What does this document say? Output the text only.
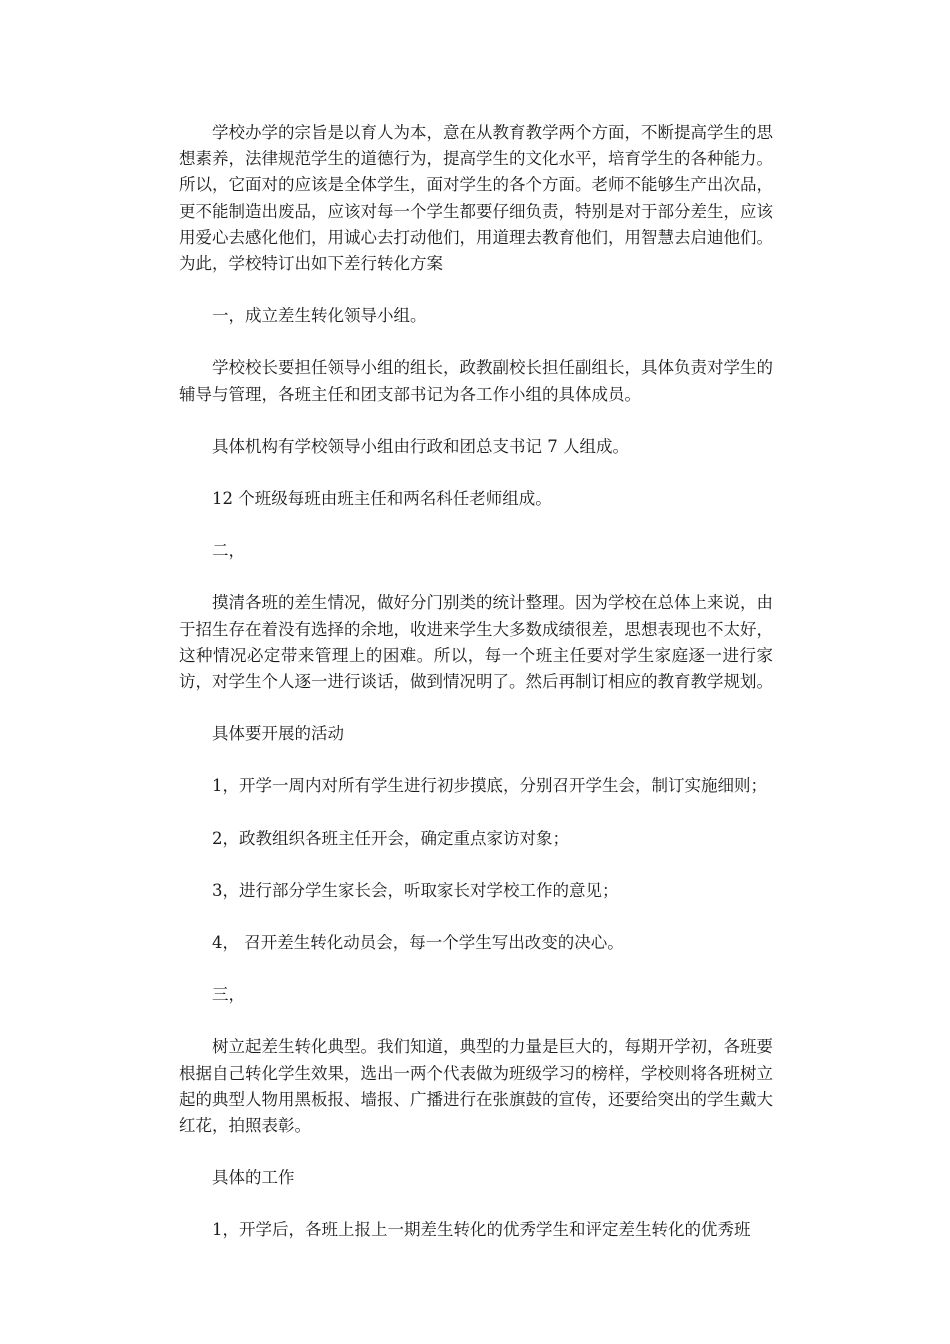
学校办学的宗旨是以育人为本，意在从教育教学两个方面，不断提高学生的思想素养，法律规范学生的道德行为，提高学生的文化水平，培育学生的各种能力。所以，它面对的应该是全体学生，面对学生的各个方面。老师不能够生产出次品，更不能制造出废品，应该对每一个学生都要仔细负责，特别是对于部分差生，应该用爱心去感化他们，用诚心去打动他们，用道理去教育他们，用智慧去启迪他们。为此，学校特订出如下差行转化方案

一，成立差生转化领导小组。

学校校长要担任领导小组的组长，政教副校长担任副组长，具体负责对学生的辅导与管理，各班主任和团支部书记为各工作小组的具体成员。

具体机构有学校领导小组由行政和团总支书记 7 人组成。

12 个班级每班由班主任和两名科任老师组成。

二，

摸清各班的差生情况，做好分门别类的统计整理。因为学校在总体上来说，由于招生存在着没有选择的余地，收进来学生大多数成绩很差，思想表现也不太好，这种情况必定带来管理上的困难。所以，每一个班主任要对学生家庭逐一进行家访，对学生个人逐一进行谈话，做到情况明了。然后再制订相应的教育教学规划。

具体要开展的活动

1，开学一周内对所有学生进行初步摸底，分别召开学生会，制订实施细则；

2，政教组织各班主任开会，确定重点家访对象；

3，进行部分学生家长会，听取家长对学校工作的意见；

4， 召开差生转化动员会，每一个学生写出改变的决心。

三，

树立起差生转化典型。我们知道，典型的力量是巨大的，每期开学初，各班要根据自己转化学生效果，选出一两个代表做为班级学习的榜样，学校则将各班树立起的典型人物用黑板报、墙报、广播进行在张旗鼓的宣传，还要给突出的学生戴大红花，拍照表彰。

具体的工作

1，开学后，各班上报上一期差生转化的优秀学生和评定差生转化的优秀班
